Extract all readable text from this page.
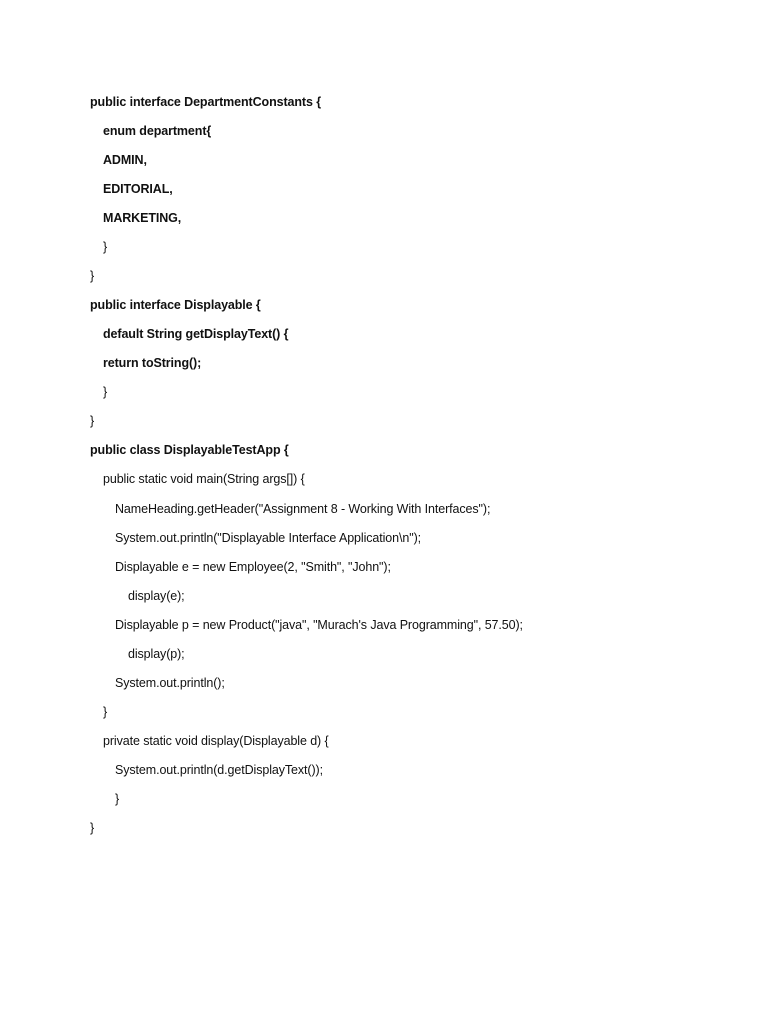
public interface DepartmentConstants {
enum department{
ADMIN,
EDITORIAL,
MARKETING,
}
}
public interface Displayable {
default String getDisplayText() {
return toString();
}
}
public class DisplayableTestApp {
public static void main(String args[]) {
NameHeading.getHeader("Assignment 8 - Working With Interfaces");
System.out.println("Displayable Interface Application\n");
Displayable e = new Employee(2, "Smith", "John");
display(e);
Displayable p = new Product("java", "Murach's Java Programming", 57.50);
display(p);
System.out.println();
}
private static void display(Displayable d) {
System.out.println(d.getDisplayText());
}
}
